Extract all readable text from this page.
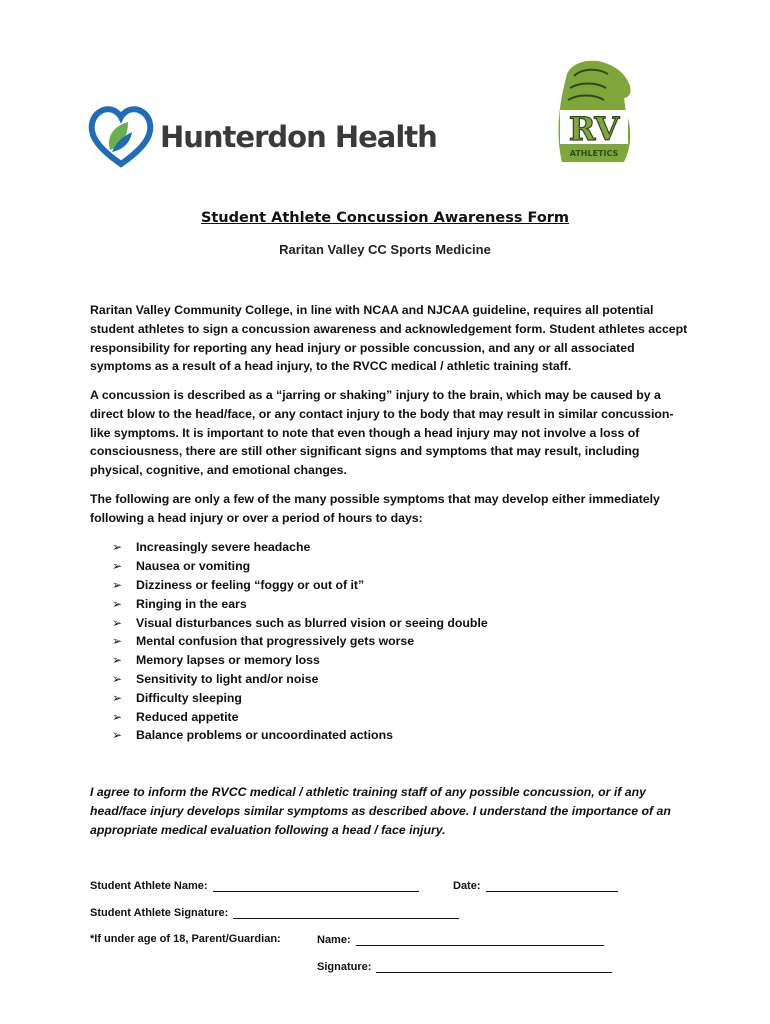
Hunterdon Health	RV
ATHLETICS
Student Athlete Concussion Awareness Form
Raritan Valley CC Sports Medicine

Raritan Valley Community College, in line with NCAA and NJCAA guideline, requires all potential student athletes to sign a concussion awareness and acknowledgement form. Student athletes accept responsibility for reporting any head injury or possible concussion, and any or all associated symptoms as a result of a head injury, to the RVCC medical / athletic training staff.

A concussion is described as a “jarring or shaking” injury to the brain, which may be caused by a direct blow to the head/face, or any contact injury to the body that may result in similar concussion-like symptoms. It is important to note that even though a head injury may not involve a loss of consciousness, there are still other significant signs and symptoms that may result, including physical, cognitive, and emotional changes.

The following are only a few of the many possible symptoms that may develop either immediately following a head injury or over a period of hours to days:

➢	Increasingly severe headache
➢	Nausea or vomiting
➢	Dizziness or feeling “foggy or out of it”
➢	Ringing in the ears
➢	Visual disturbances such as blurred vision or seeing double
➢	Mental confusion that progressively gets worse
➢	Memory lapses or memory loss
➢	Sensitivity to light and/or noise
➢	Difficulty sleeping
➢	Reduced appetite
➢	Balance problems or uncoordinated actions

I agree to inform the RVCC medical / athletic training staff of any possible concussion, or if any head/face injury develops similar symptoms as described above. I understand the importance of an appropriate medical evaluation following a head / face injury.

Student Athlete Name:	Date:
Student Athlete Signature:
*If under age of 18, Parent/Guardian:	Name:
Signature:
